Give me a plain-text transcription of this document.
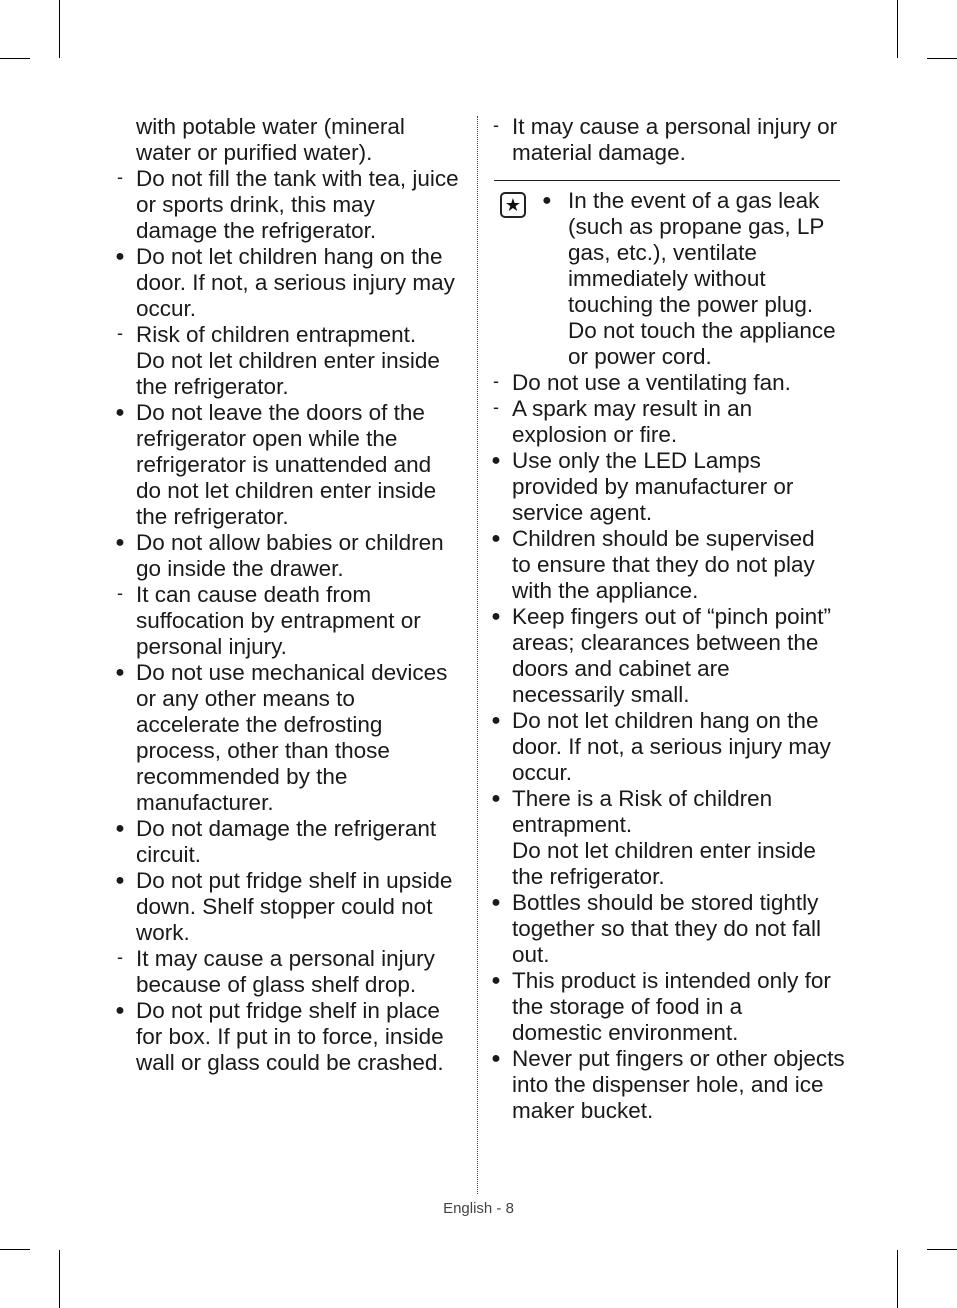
with potable water (mineral
water or purified water).
- Do not fill the tank with tea, juice
or sports drink, this may
damage the refrigerator.
● Do not let children hang on the
door. If not, a serious injury may
occur.
- Risk of children entrapment.
Do not let children enter inside
the refrigerator.
● Do not leave the doors of the
refrigerator open while the
refrigerator is unattended and
do not let children enter inside
the refrigerator.
● Do not allow babies or children
go inside the drawer.
- It can cause death from
suffocation by entrapment or
personal injury.
● Do not use mechanical devices
or any other means to
accelerate the defrosting
process, other than those
recommended by the
manufacturer.
● Do not damage the refrigerant
circuit.
● Do not put fridge shelf in upside
down. Shelf stopper could not
work.
- It may cause a personal injury
because of glass shelf drop.
● Do not put fridge shelf in place
for box. If put in to force, inside
wall or glass could be crashed.
- It may cause a personal injury or
material damage.
★	● In the event of a gas leak
(such as propane gas, LP
gas, etc.), ventilate
immediately without
touching the power plug.
Do not touch the appliance
or power cord.
- Do not use a ventilating fan.
- A spark may result in an
explosion or fire.
● Use only the LED Lamps
provided by manufacturer or
service agent.
● Children should be supervised
to ensure that they do not play
with the appliance.
● Keep fingers out of “pinch point”
areas; clearances between the
doors and cabinet are
necessarily small.
● Do not let children hang on the
door. If not, a serious injury may
occur.
● There is a Risk of children
entrapment.
Do not let children enter inside
the refrigerator.
● Bottles should be stored tightly
together so that they do not fall
out.
● This product is intended only for
the storage of food in a
domestic environment.
● Never put fingers or other objects
into the dispenser hole, and ice
maker bucket.
English - 8
